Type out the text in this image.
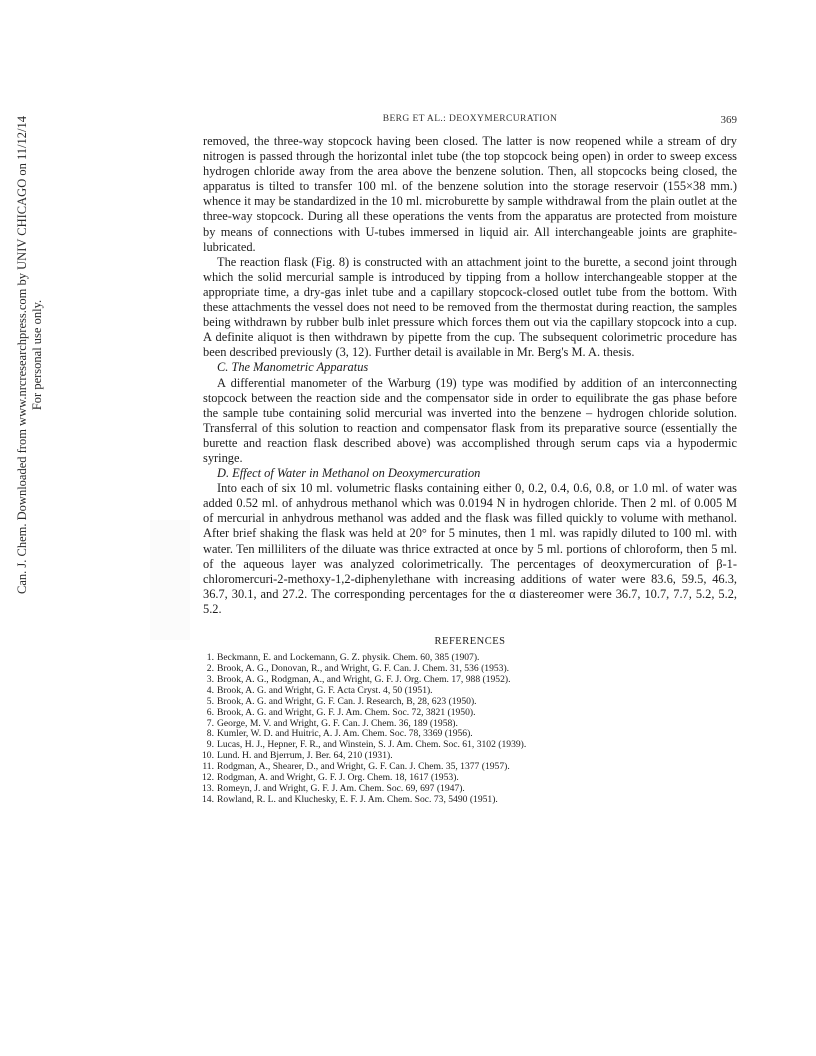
Can. J. Chem. Downloaded from www.nrcresearchpress.com by UNIV CHICAGO on 11/12/14 For personal use only.
BERG ET AL.: DEOXYMERCURATION	369

removed, the three-way stopcock having been closed. The latter is now reopened while a stream of dry nitrogen is passed through the horizontal inlet tube (the top stopcock being open) in order to sweep excess hydrogen chloride away from the area above the benzene solution. Then, all stopcocks being closed, the apparatus is tilted to transfer 100 ml. of the benzene solution into the storage reservoir (155×38 mm.) whence it may be standardized in the 10 ml. microburette by sample withdrawal from the plain outlet at the three-way stopcock. During all these operations the vents from the apparatus are protected from moisture by means of connections with U-tubes immersed in liquid air. All interchangeable joints are graphite-lubricated.

The reaction flask (Fig. 8) is constructed with an attachment joint to the burette, a second joint through which the solid mercurial sample is introduced by tipping from a hollow interchangeable stopper at the appropriate time, a dry-gas inlet tube and a capillary stopcock-closed outlet tube from the bottom. With these attachments the vessel does not need to be removed from the thermostat during reaction, the samples being withdrawn by rubber bulb inlet pressure which forces them out via the capillary stopcock into a cup. A definite aliquot is then withdrawn by pipette from the cup. The subsequent colorimetric procedure has been described previously (3, 12). Further detail is available in Mr. Berg's M. A. thesis.

C. The Manometric Apparatus

A differential manometer of the Warburg (19) type was modified by addition of an interconnecting stopcock between the reaction side and the compensator side in order to equilibrate the gas phase before the sample tube containing solid mercurial was inverted into the benzene – hydrogen chloride solution. Transferral of this solution to reaction and compensator flask from its preparative source (essentially the burette and reaction flask described above) was accomplished through serum caps via a hypodermic syringe.

D. Effect of Water in Methanol on Deoxymercuration

Into each of six 10 ml. volumetric flasks containing either 0, 0.2, 0.4, 0.6, 0.8, or 1.0 ml. of water was added 0.52 ml. of anhydrous methanol which was 0.0194 N in hydrogen chloride. Then 2 ml. of 0.005 M of mercurial in anhydrous methanol was added and the flask was filled quickly to volume with methanol. After brief shaking the flask was held at 20° for 5 minutes, then 1 ml. was rapidly diluted to 100 ml. with water. Ten milliliters of the diluate was thrice extracted at once by 5 ml. portions of chloroform, then 5 ml. of the aqueous layer was analyzed colorimetrically. The percentages of deoxymercuration of β-1-chloromercuri-2-methoxy-1,2-diphenylethane with increasing additions of water were 83.6, 59.5, 46.3, 36.7, 30.1, and 27.2. The corresponding percentages for the α diastereomer were 36.7, 10.7, 7.7, 5.2, 5.2, 5.2.

REFERENCES
1. Beckmann, E. and Lockemann, G. Z. physik. Chem. 60, 385 (1907).
2. Brook, A. G., Donovan, R., and Wright, G. F. Can. J. Chem. 31, 536 (1953).
3. Brook, A. G., Rodgman, A., and Wright, G. F. J. Org. Chem. 17, 988 (1952).
4. Brook, A. G. and Wright, G. F. Acta Cryst. 4, 50 (1951).
5. Brook, A. G. and Wright, G. F. Can. J. Research, B, 28, 623 (1950).
6. Brook, A. G. and Wright, G. F. J. Am. Chem. Soc. 72, 3821 (1950).
7. George, M. V. and Wright, G. F. Can. J. Chem. 36, 189 (1958).
8. Kumler, W. D. and Huitric, A. J. Am. Chem. Soc. 78, 3369 (1956).
9. Lucas, H. J., Hepner, F. R., and Winstein, S. J. Am. Chem. Soc. 61, 3102 (1939).
10. Lund. H. and Bjerrum, J. Ber. 64, 210 (1931).
11. Rodgman, A., Shearer, D., and Wright, G. F. Can. J. Chem. 35, 1377 (1957).
12. Rodgman, A. and Wright, G. F. J. Org. Chem. 18, 1617 (1953).
13. Romeyn, J. and Wright, G. F. J. Am. Chem. Soc. 69, 697 (1947).
14. Rowland, R. L. and Kluchesky, E. F. J. Am. Chem. Soc. 73, 5490 (1951).
